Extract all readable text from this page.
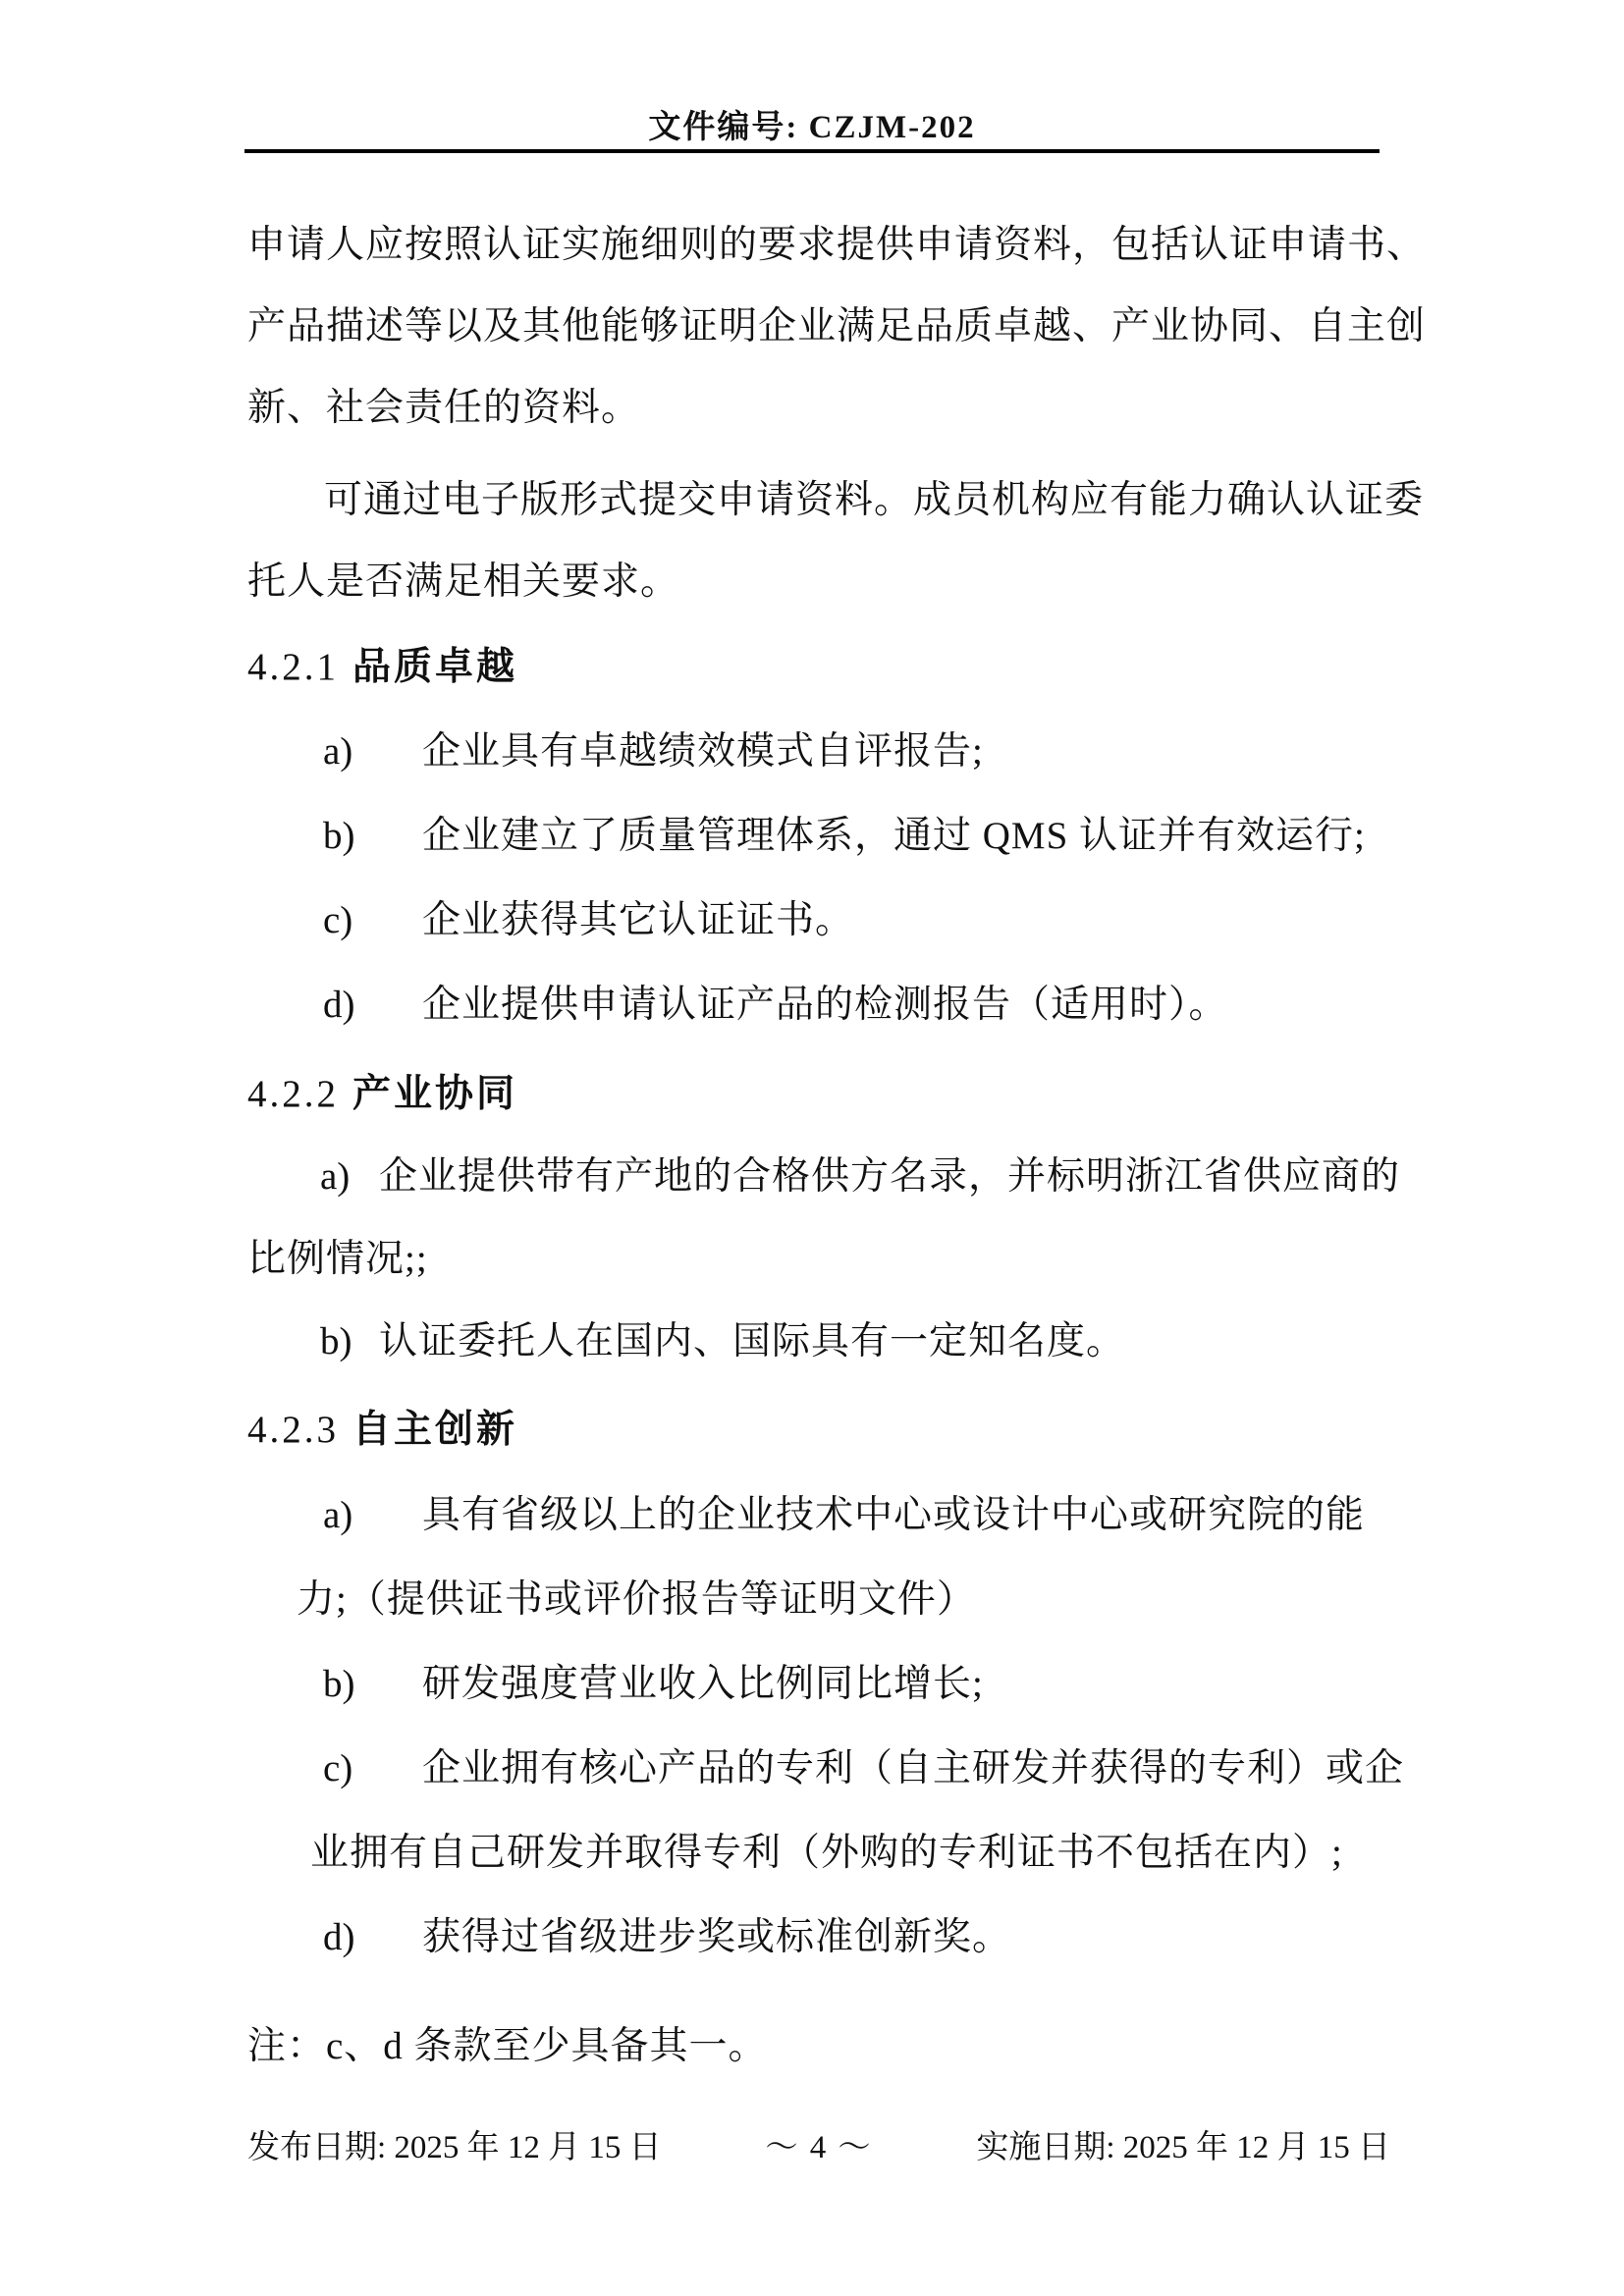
文件编号: CZJM-202
申请人应按照认证实施细则的要求提供申请资料，包括认证申请书、
产品描述等以及其他能够证明企业满足品质卓越、产业协同、自主创
新、社会责任的资料。
可通过电子版形式提交申请资料。成员机构应有能力确认认证委
托人是否满足相关要求。
4.2.1 品质卓越
a) 企业具有卓越绩效模式自评报告;
b) 企业建立了质量管理体系，通过 QMS 认证并有效运行;
c) 企业获得其它认证证书。
d) 企业提供申请认证产品的检测报告（适用时）。
4.2.2 产业协同
a) 企业提供带有产地的合格供方名录，并标明浙江省供应商的
比例情况;;
b) 认证委托人在国内、国际具有一定知名度。
4.2.3 自主创新
a) 具有省级以上的企业技术中心或设计中心或研究院的能
力;（提供证书或评价报告等证明文件）
b) 研发强度营业收入比例同比增长;
c) 企业拥有核心产品的专利（自主研发并获得的专利）或企
业拥有自己研发并取得专利（外购的专利证书不包括在内）;
d) 获得过省级进步奖或标准创新奖。
注：c、d 条款至少具备其一。
发布日期: 2025 年 12 月 15 日	～ 4 ～	实施日期: 2025 年 12 月 15 日
